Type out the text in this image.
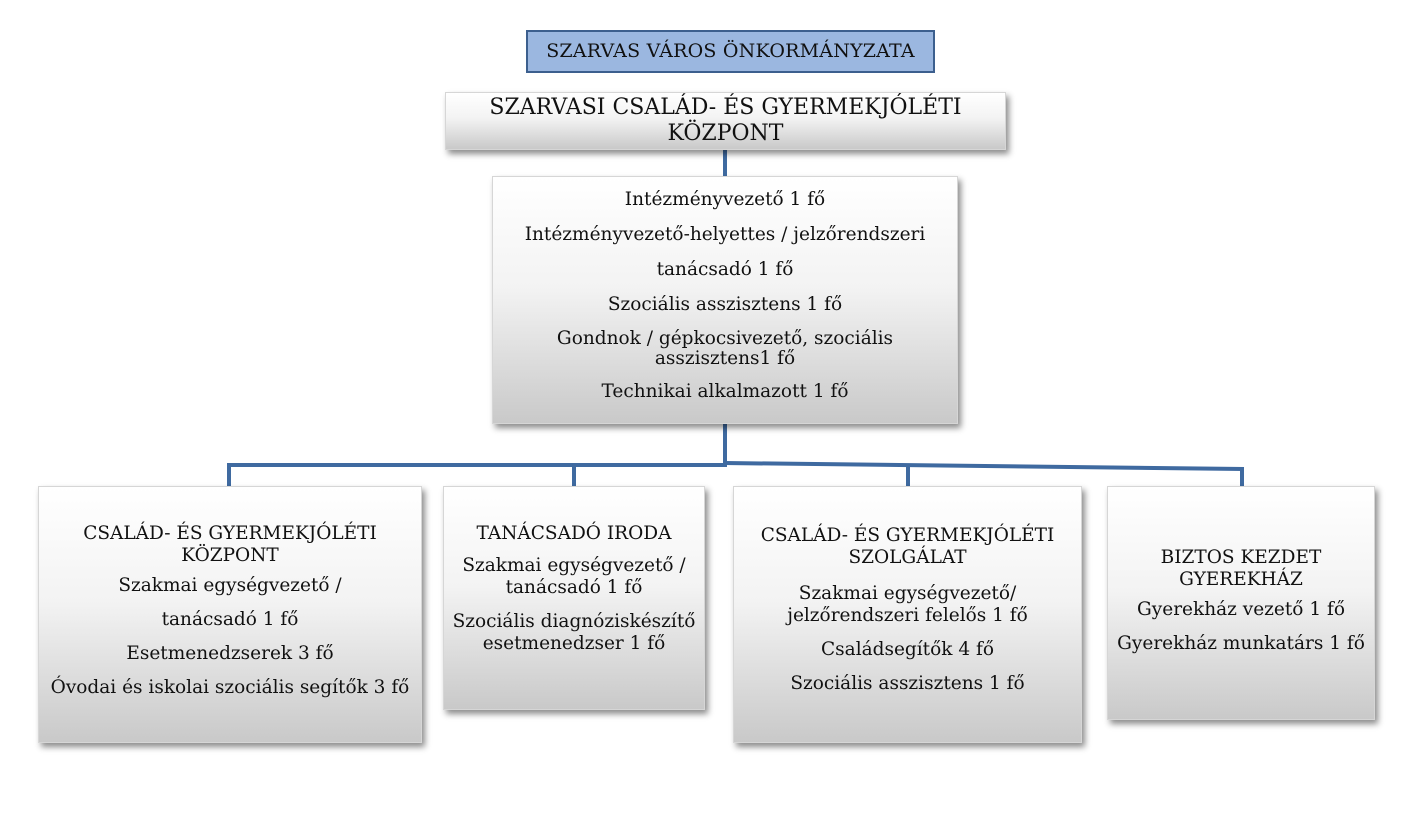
SZARVAS VÁROS ÖNKORMÁNYZATA
SZARVASI CSALÁD- ÉS GYERMEKJÓLÉTI
KÖZPONT
Intézményvezető 1 fő
Intézményvezető-helyettes / jelzőrendszeri
tanácsadó 1 fő
Szociális asszisztens 1 fő
Gondnok / gépkocsivezető, szociális
asszisztens1 fő
Technikai alkalmazott 1 fő
CSALÁD- ÉS GYERMEKJÓLÉTI
KÖZPONT
Szakmai egységvezető /
tanácsadó 1 fő
Esetmenedzserek 3 fő
Óvodai és iskolai szociális segítők 3 fő
TANÁCSADÓ IRODA
Szakmai egységvezető /
tanácsadó 1 fő
Szociális diagnóziskészítő
esetmenedzser 1 fő
CSALÁD- ÉS GYERMEKJÓLÉTI
SZOLGÁLAT
Szakmai egységvezető/
jelzőrendszeri felelős 1 fő
Családsegítők 4 fő
Szociális asszisztens 1 fő
BIZTOS KEZDET
GYEREKHÁZ
Gyerekház vezető 1 fő
Gyerekház munkatárs 1 fő
